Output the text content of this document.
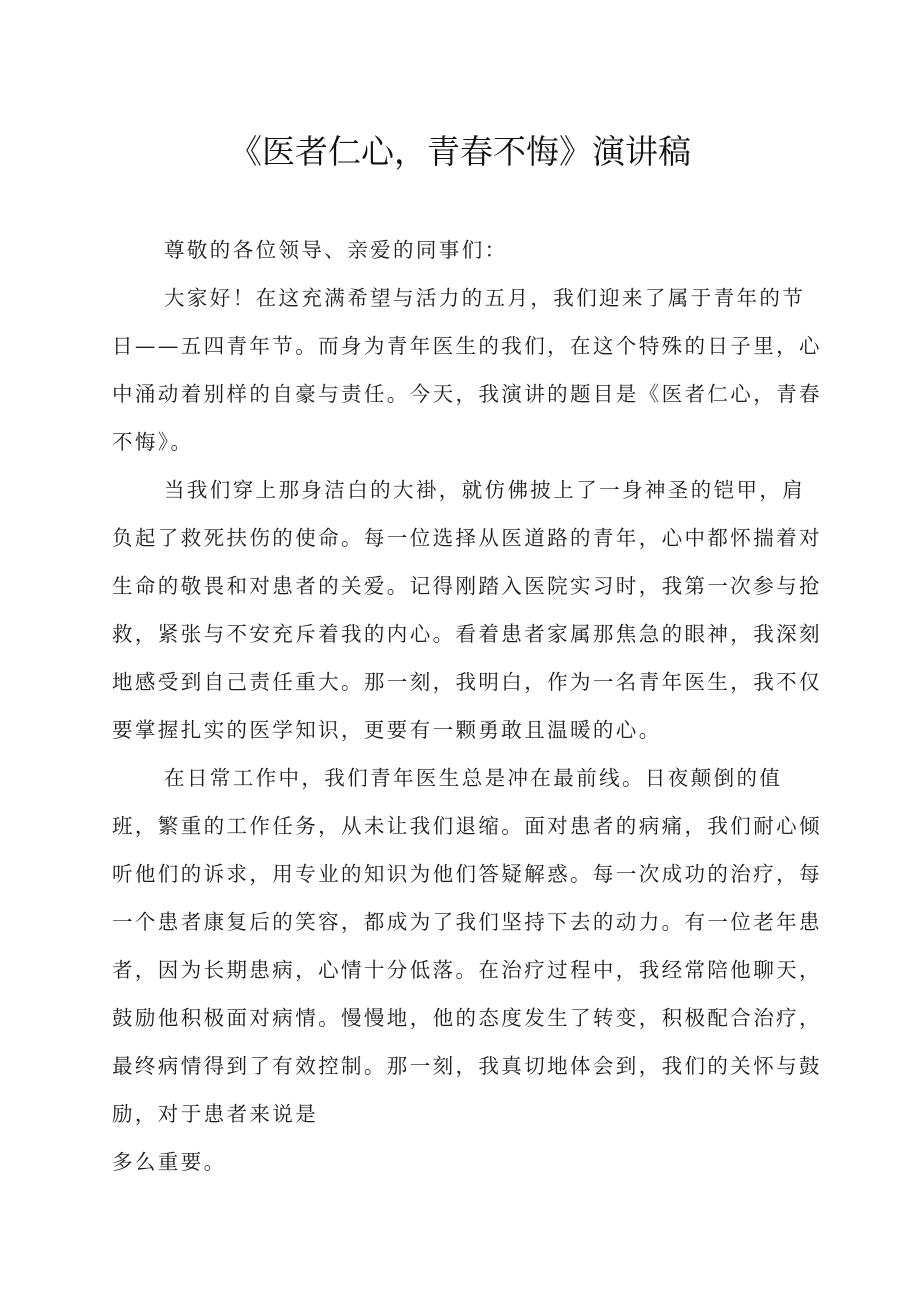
《医者仁心，青春不悔》演讲稿

尊敬的各位领导、亲爱的同事们：

大家好！在这充满希望与活力的五月，我们迎来了属于青年的节日——五四青年节。而身为青年医生的我们，在这个特殊的日子里，心中涌动着别样的自豪与责任。今天，我演讲的题目是《医者仁心，青春不悔》。

当我们穿上那身洁白的大褂，就仿佛披上了一身神圣的铠甲，肩负起了救死扶伤的使命。每一位选择从医道路的青年，心中都怀揣着对生命的敬畏和对患者的关爱。记得刚踏入医院实习时，我第一次参与抢救，紧张与不安充斥着我的内心。看着患者家属那焦急的眼神，我深刻地感受到自己责任重大。那一刻，我明白，作为一名青年医生，我不仅要掌握扎实的医学知识，更要有一颗勇敢且温暖的心。

在日常工作中，我们青年医生总是冲在最前线。日夜颠倒的值班，繁重的工作任务，从未让我们退缩。面对患者的病痛，我们耐心倾听他们的诉求，用专业的知识为他们答疑解惑。每一次成功的治疗，每一个患者康复后的笑容，都成为了我们坚持下去的动力。有一位老年患者，因为长期患病，心情十分低落。在治疗过程中，我经常陪他聊天，鼓励他积极面对病情。慢慢地，他的态度发生了转变，积极配合治疗，最终病情得到了有效控制。那一刻，我真切地体会到，我们的关怀与鼓励，对于患者来说是

多么重要。
